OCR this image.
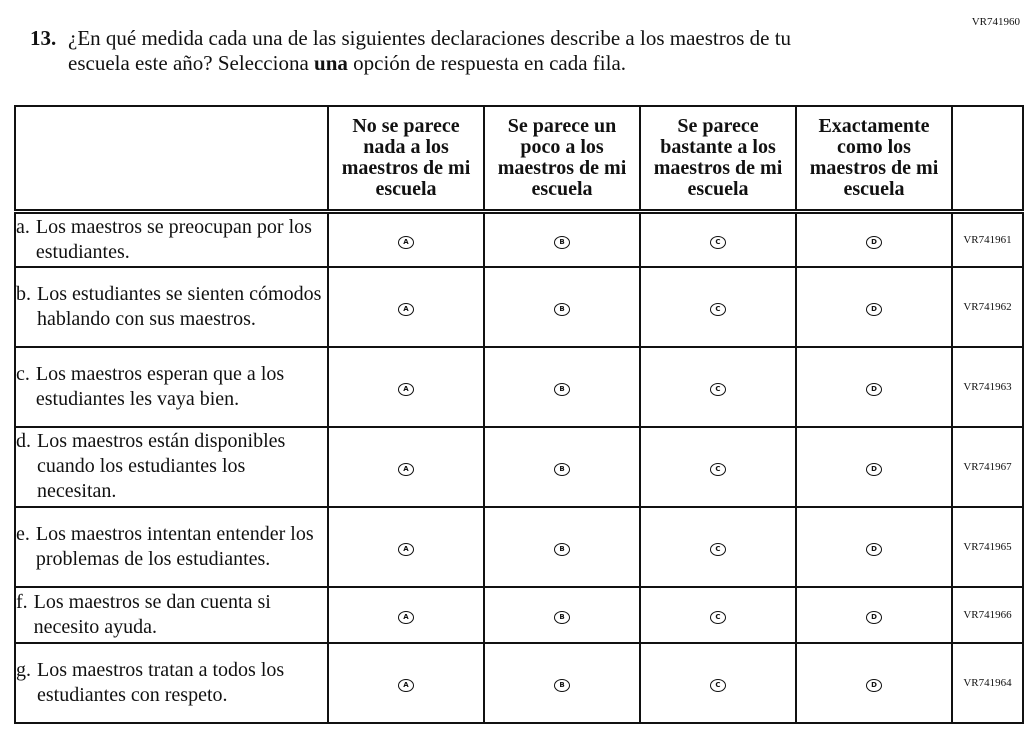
VR741960
13. ¿En qué medida cada una de las siguientes declaraciones describe a los maestros de tu
escuela este año? Selecciona una opción de respuesta en cada fila.
	No se parece nada a los maestros de mi escuela	Se parece un poco a los maestros de mi escuela	Se parece bastante a los maestros de mi escuela	Exactamente como los maestros de mi escuela	

a. Los maestros se preocupan por los estudiantes.	A	B	C	D	VR741961

b. Los estudiantes se sienten cómodos hablando con sus maestros.	A	B	C	D	VR741962

c. Los maestros esperan que a los estudiantes les vaya bien.	A	B	C	D	VR741963

d. Los maestros están disponibles cuando los estudiantes los necesitan.	A	B	C	D	VR741967

e. Los maestros intentan entender los problemas de los estudiantes.	A	B	C	D	VR741965

f. Los maestros se dan cuenta si necesito ayuda.	A	B	C	D	VR741966

g. Los maestros tratan a todos los estudiantes con respeto.	A	B	C	D	VR741964
